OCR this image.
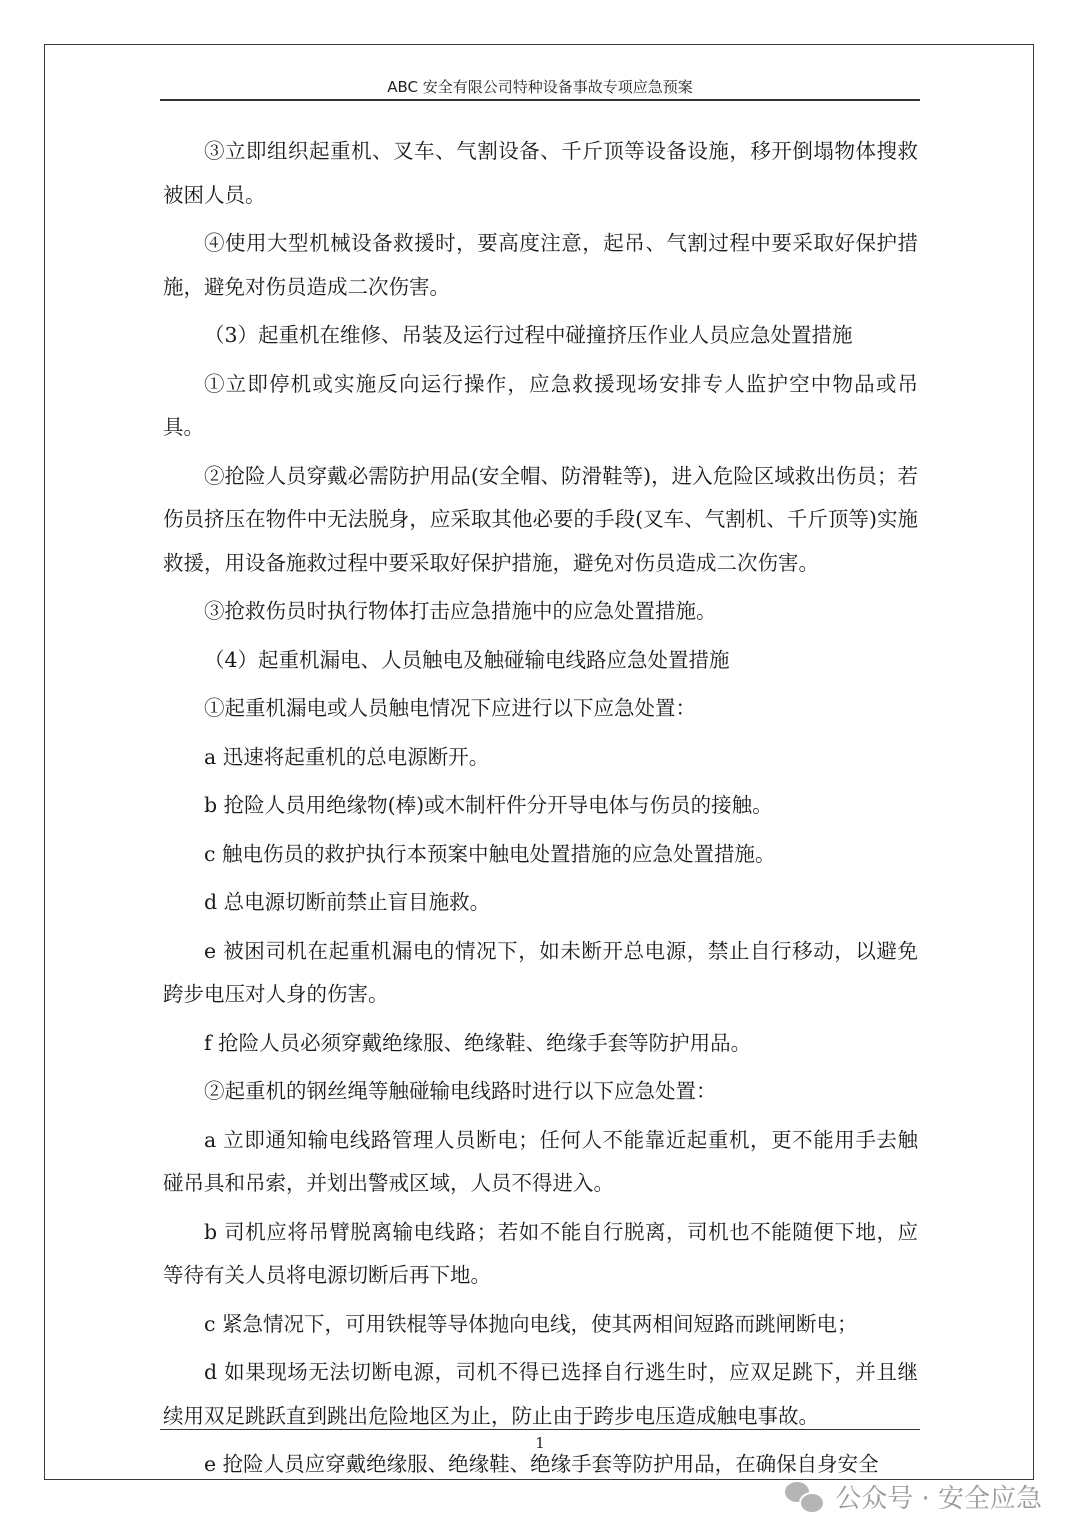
ABC 安全有限公司特种设备事故专项应急预案

③立即组织起重机、叉车、气割设备、千斤顶等设备设施，移开倒塌物体搜救被困人员。

④使用大型机械设备救援时，要高度注意，起吊、气割过程中要采取好保护措施，避免对伤员造成二次伤害。

（3）起重机在维修、吊装及运行过程中碰撞挤压作业人员应急处置措施

①立即停机或实施反向运行操作，应急救援现场安排专人监护空中物品或吊具。

②抢险人员穿戴必需防护用品(安全帽、防滑鞋等)，进入危险区域救出伤员；若伤员挤压在物件中无法脱身，应采取其他必要的手段(叉车、气割机、千斤顶等)实施救援，用设备施救过程中要采取好保护措施，避免对伤员造成二次伤害。

③抢救伤员时执行物体打击应急措施中的应急处置措施。

（4）起重机漏电、人员触电及触碰输电线路应急处置措施

①起重机漏电或人员触电情况下应进行以下应急处置：

a 迅速将起重机的总电源断开。

b 抢险人员用绝缘物(棒)或木制杆件分开导电体与伤员的接触。

c 触电伤员的救护执行本预案中触电处置措施的应急处置措施。

d 总电源切断前禁止盲目施救。

e 被困司机在起重机漏电的情况下，如未断开总电源，禁止自行移动，以避免跨步电压对人身的伤害。

f 抢险人员必须穿戴绝缘服、绝缘鞋、绝缘手套等防护用品。

②起重机的钢丝绳等触碰输电线路时进行以下应急处置：

a 立即通知输电线路管理人员断电；任何人不能靠近起重机，更不能用手去触碰吊具和吊索，并划出警戒区域，人员不得进入。

b 司机应将吊臂脱离输电线路；若如不能自行脱离，司机也不能随便下地，应等待有关人员将电源切断后再下地。

c 紧急情况下，可用铁棍等导体抛向电线，使其两相间短路而跳闸断电；

d 如果现场无法切断电源，司机不得已选择自行逃生时，应双足跳下，并且继续用双足跳跃直到跳出危险地区为止，防止由于跨步电压造成触电事故。

e 抢险人员应穿戴绝缘服、绝缘鞋、绝缘手套等防护用品，在确保自身安全

1
公众号 · 安全应急
